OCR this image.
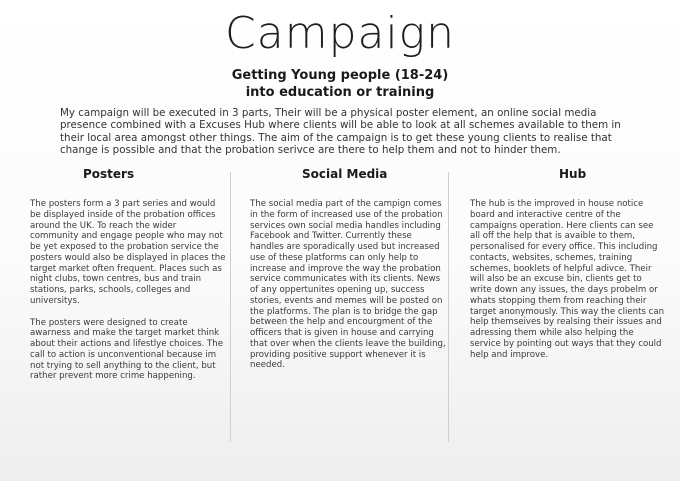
Campaign
Getting Young people (18-24)
into education or training
My campaign will be executed in 3 parts, Their will be a physical poster element, an online social media presence combined with a Excuses Hub where clients will be able to look at all schemes available to them in their local area amongst other things. The aim of the campaign is to get these young clients to realise that change is possible and that the probation serivce are there to help them and not to hinder them.
Posters

The posters form a 3 part series and would be displayed inside of the probation offices around the UK. To reach the wider community and engage people who may not be yet exposed to the probation service the posters would also be displayed in places the target market often frequent. Places such as night clubs, town centres, bus and train stations, parks, schools, colleges and universitys.

The posters were designed to create awarness and make the target market think about their actions and lifestlye choices. The call to action is unconventional because im not trying to sell anything to the client, but rather prevent more crime happening.

Social Media

The social media part of the campign comes in the form of increased use of the probation services own social media handles including Facebook and Twitter. Currently these handles are sporadically used but increased use of these platforms can only help to increase and improve the way the probation service communicates with its clients. News of any oppertunites opening up, success stories, events and memes will be posted on the platforms. The plan is to bridge the gap between the help and encourgment of the officers that is given in house and carrying that over when the clients leave the building, providing positive support whenever it is needed.

Hub

The hub is the improved in house notice board and interactive centre of the campaigns operation. Here clients can see all off the help that is avaible to them, personalised for every office. This including contacts, websites, schemes, training schemes, booklets of helpful adivce. Their will also be an excuse bin, clients get to write down any issues, the days probelm or whats stopping them from reaching their target anonymously. This way the clients can help themseives by realsing their issues and adressing them while also helping the service by pointing out ways that they could help and improve.
